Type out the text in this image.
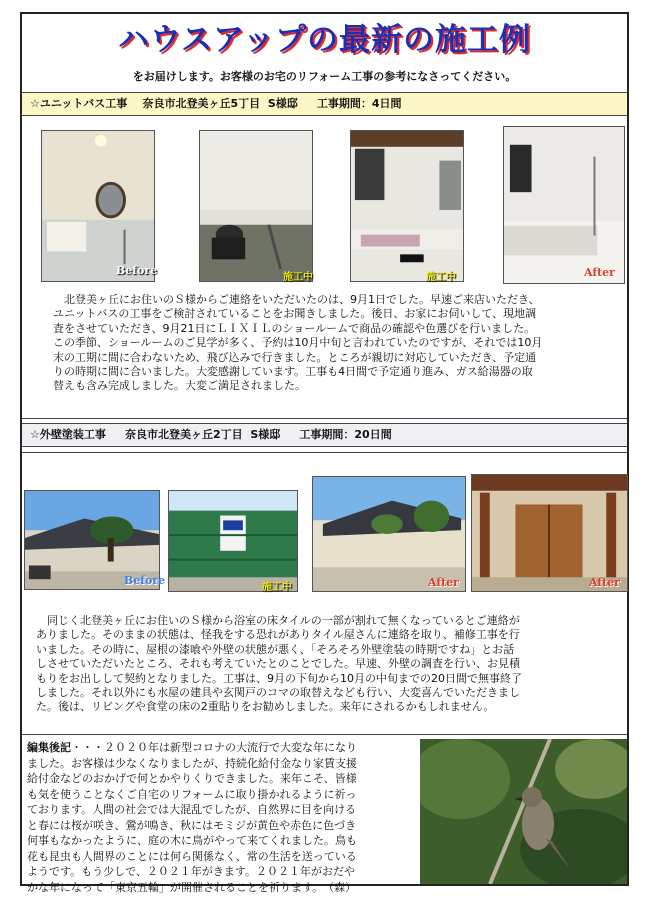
ハウスアップの最新の施工例
をお届けします。お客様のお宅のリフォーム工事の参考になさってください。
☆ユニットバス工事    奈良市北登美ヶ丘5丁目  S様邸     工事期間：4日間
Before
施工中	施工中	After
　北登美ヶ丘にお住いのＳ様からご連絡をいただいたのは、9月1日でした。早速ご来店いただき、
ユニットバスの工事をご検討されていることをお聞きしました。後日、お家にお伺いして、現地調
査をさせていただき、9月21日にＬＩＸＩＬのショールームで商品の確認や色選びを行いました。
この季節、ショールームのご見学が多く、予約は10月中旬と言われていたのですが、それでは10月
末の工期に間に合わないため、飛び込みで行きました。ところが親切に対応していただき、予定通
りの時期に間に合いました。大変感謝しています。工事も4日間で予定通り進み、ガス給湯器の取
替えも含み完成しました。大変ご満足されました。
☆外壁塗装工事     奈良市北登美ヶ丘2丁目  S様邸     工事期間：20日間
Before
施工中	After	After
　同じく北登美ヶ丘にお住いのＳ様から浴室の床タイルの一部が割れて無くなっているとご連絡が
ありました。そのままの状態は、怪我をする恐れがありタイル屋さんに連絡を取り、補修工事を行
いました。その時に、屋根の漆喰や外壁の状態が悪く、「そろそろ外壁塗装の時期ですね」とお話
しさせていただいたところ、それも考えていたとのことでした。早速、外壁の調査を行い、お見積
もりをお出しして契約となりました。工事は、9月の下旬から10月の中旬までの20日間で無事終了
しました。それ以外にも水屋の建具や玄関戸のコマの取替えなども行い、大変喜んでいただきまし
た。後は、リビングや食堂の床の2重貼りをお勧めしました。来年にされるかもしれません。
編集後記・・・２０２０年は新型コロナの大流行で大変な年になり
ました。お客様は少なくなりましたが、持続化給付金なり家賃支援
給付金などのおかげで何とかやりくりできました。来年こそ、皆様
も気を使うことなくご自宅のリフォームに取り掛かれるように祈っ
ております。人間の社会では大混乱でしたが、自然界に目を向ける
と春には桜が咲き、鶯が鳴き、秋にはモミジが黄色や赤色に色づき
何事もなかったように、庭の木に鳥がやって来てくれました。鳥も
花も昆虫も人間界のことには何ら関係なく、常の生活を送っている
ようです。もう少しで、２０２１年がきます。２０２１年がおだや
かな年になって「東京五輪」が開催されることを祈ります。　（森）
